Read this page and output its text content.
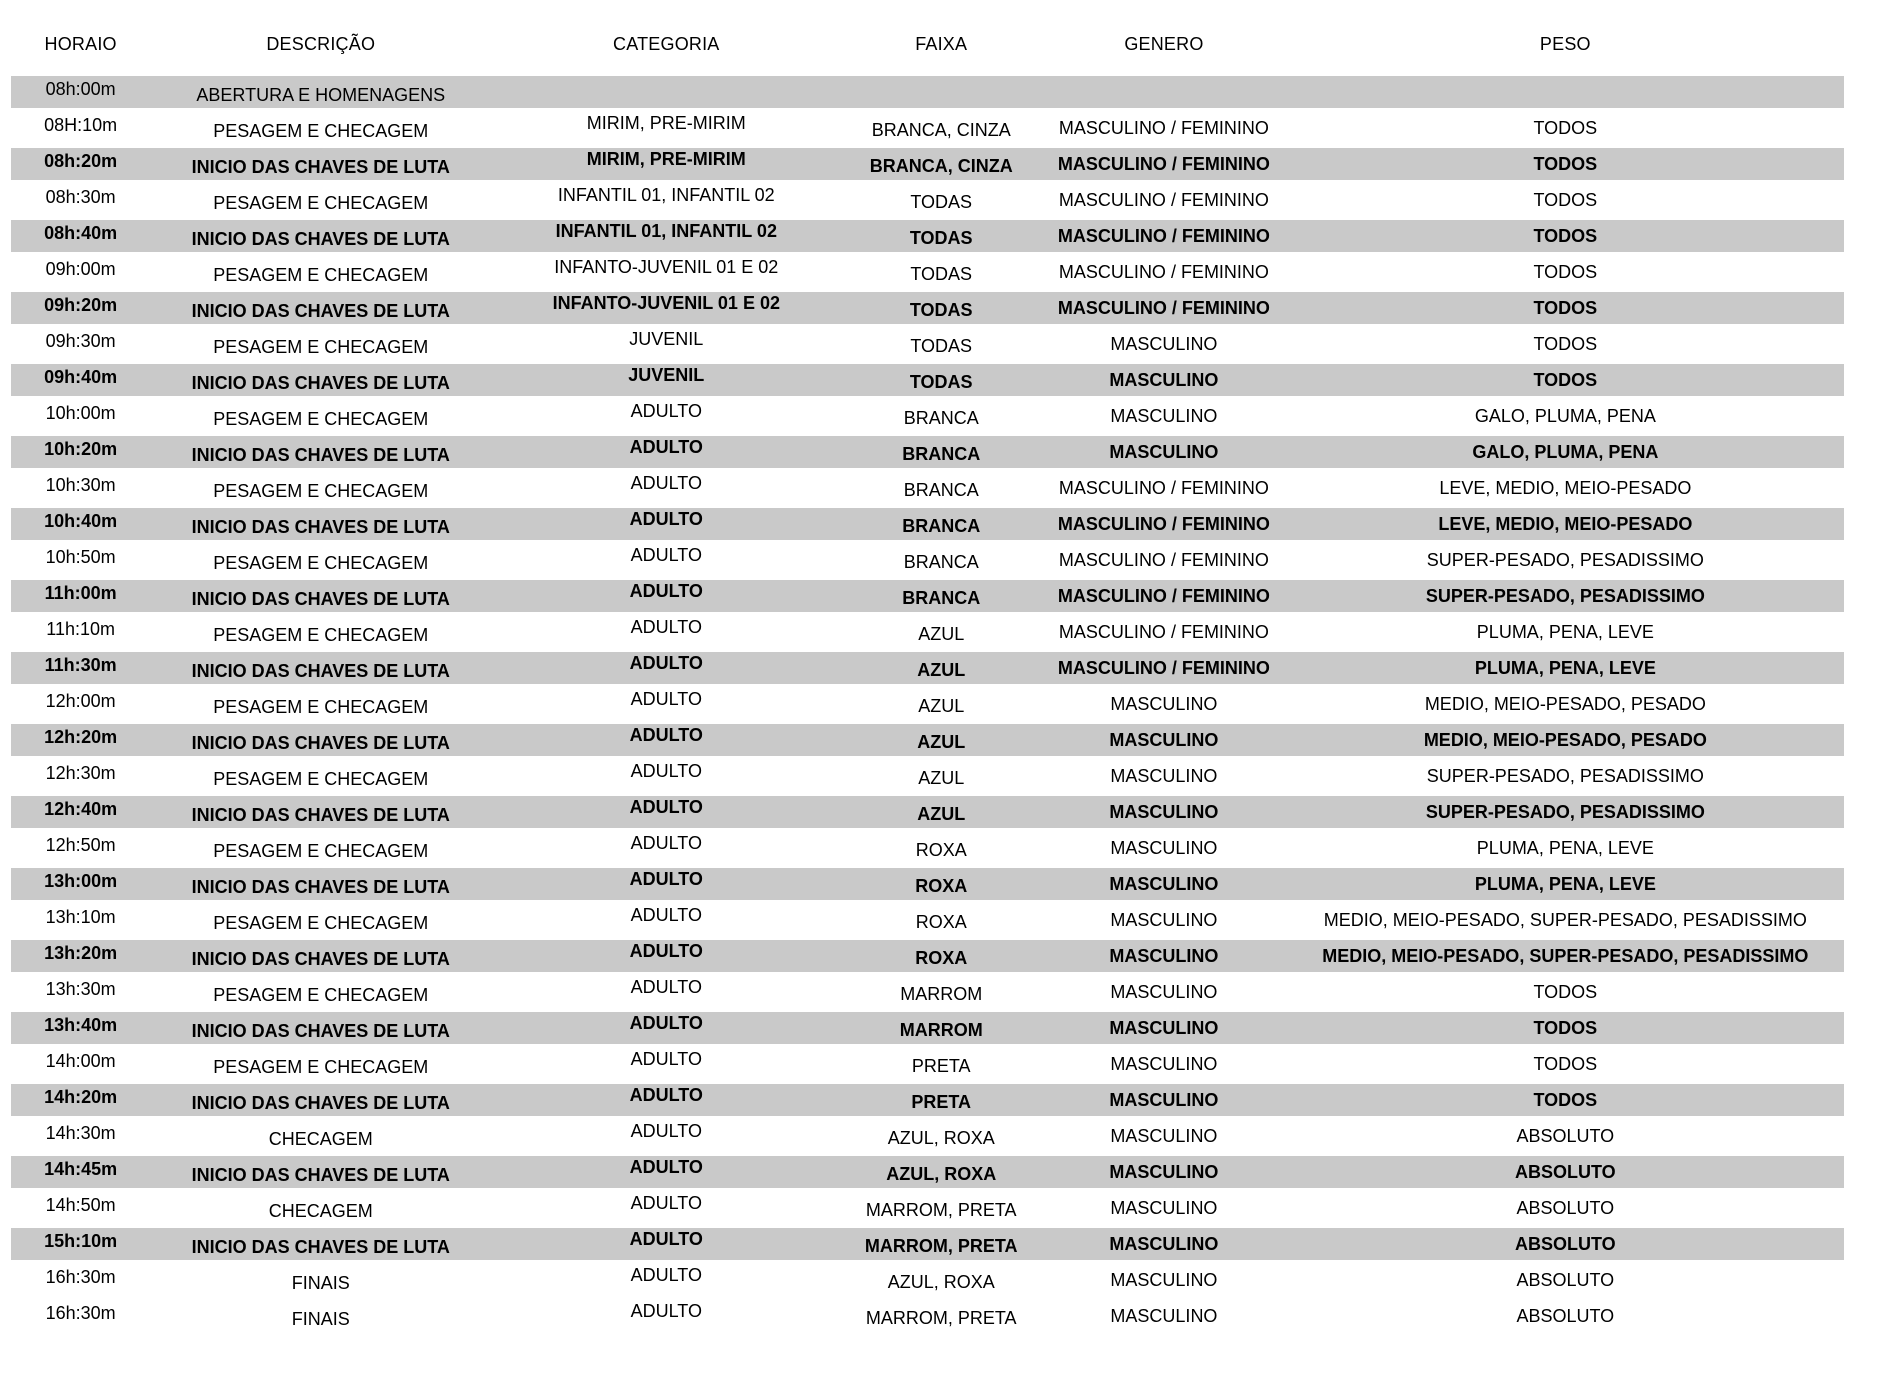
HORAIO	DESCRIÇÃO	CATEGORIA	FAIXA	GENERO	PESO
08h:00m	ABERTURA E HOMENAGENS
08H:10m	PESAGEM E CHECAGEM	MIRIM, PRE-MIRIM	BRANCA, CINZA	MASCULINO / FEMININO	TODOS
08h:20m	INICIO DAS CHAVES DE LUTA	MIRIM, PRE-MIRIM	BRANCA, CINZA	MASCULINO / FEMININO	TODOS
08h:30m	PESAGEM E CHECAGEM	INFANTIL 01, INFANTIL 02	TODAS	MASCULINO / FEMININO	TODOS
08h:40m	INICIO DAS CHAVES DE LUTA	INFANTIL 01, INFANTIL 02	TODAS	MASCULINO / FEMININO	TODOS
09h:00m	PESAGEM E CHECAGEM	INFANTO-JUVENIL 01 E 02	TODAS	MASCULINO / FEMININO	TODOS
09h:20m	INICIO DAS CHAVES DE LUTA	INFANTO-JUVENIL 01 E 02	TODAS	MASCULINO / FEMININO	TODOS
09h:30m	PESAGEM E CHECAGEM	JUVENIL	TODAS	MASCULINO	TODOS
09h:40m	INICIO DAS CHAVES DE LUTA	JUVENIL	TODAS	MASCULINO	TODOS
10h:00m	PESAGEM E CHECAGEM	ADULTO	BRANCA	MASCULINO	GALO, PLUMA, PENA
10h:20m	INICIO DAS CHAVES DE LUTA	ADULTO	BRANCA	MASCULINO	GALO, PLUMA, PENA
10h:30m	PESAGEM E CHECAGEM	ADULTO	BRANCA	MASCULINO / FEMININO	LEVE, MEDIO, MEIO-PESADO
10h:40m	INICIO DAS CHAVES DE LUTA	ADULTO	BRANCA	MASCULINO / FEMININO	LEVE, MEDIO, MEIO-PESADO
10h:50m	PESAGEM E CHECAGEM	ADULTO	BRANCA	MASCULINO / FEMININO	SUPER-PESADO, PESADISSIMO
11h:00m	INICIO DAS CHAVES DE LUTA	ADULTO	BRANCA	MASCULINO / FEMININO	SUPER-PESADO, PESADISSIMO
11h:10m	PESAGEM E CHECAGEM	ADULTO	AZUL	MASCULINO / FEMININO	PLUMA, PENA, LEVE
11h:30m	INICIO DAS CHAVES DE LUTA	ADULTO	AZUL	MASCULINO / FEMININO	PLUMA, PENA, LEVE
12h:00m	PESAGEM E CHECAGEM	ADULTO	AZUL	MASCULINO	MEDIO, MEIO-PESADO, PESADO
12h:20m	INICIO DAS CHAVES DE LUTA	ADULTO	AZUL	MASCULINO	MEDIO, MEIO-PESADO, PESADO
12h:30m	PESAGEM E CHECAGEM	ADULTO	AZUL	MASCULINO	SUPER-PESADO, PESADISSIMO
12h:40m	INICIO DAS CHAVES DE LUTA	ADULTO	AZUL	MASCULINO	SUPER-PESADO, PESADISSIMO
12h:50m	PESAGEM E CHECAGEM	ADULTO	ROXA	MASCULINO	PLUMA, PENA, LEVE
13h:00m	INICIO DAS CHAVES DE LUTA	ADULTO	ROXA	MASCULINO	PLUMA, PENA, LEVE
13h:10m	PESAGEM E CHECAGEM	ADULTO	ROXA	MASCULINO	MEDIO, MEIO-PESADO, SUPER-PESADO, PESADISSIMO
13h:20m	INICIO DAS CHAVES DE LUTA	ADULTO	ROXA	MASCULINO	MEDIO, MEIO-PESADO, SUPER-PESADO, PESADISSIMO
13h:30m	PESAGEM E CHECAGEM	ADULTO	MARROM	MASCULINO	TODOS
13h:40m	INICIO DAS CHAVES DE LUTA	ADULTO	MARROM	MASCULINO	TODOS
14h:00m	PESAGEM E CHECAGEM	ADULTO	PRETA	MASCULINO	TODOS
14h:20m	INICIO DAS CHAVES DE LUTA	ADULTO	PRETA	MASCULINO	TODOS
14h:30m	CHECAGEM	ADULTO	AZUL, ROXA	MASCULINO	ABSOLUTO
14h:45m	INICIO DAS CHAVES DE LUTA	ADULTO	AZUL, ROXA	MASCULINO	ABSOLUTO
14h:50m	CHECAGEM	ADULTO	MARROM, PRETA	MASCULINO	ABSOLUTO
15h:10m	INICIO DAS CHAVES DE LUTA	ADULTO	MARROM, PRETA	MASCULINO	ABSOLUTO
16h:30m	FINAIS	ADULTO	AZUL, ROXA	MASCULINO	ABSOLUTO
16h:30m	FINAIS	ADULTO	MARROM, PRETA	MASCULINO	ABSOLUTO
